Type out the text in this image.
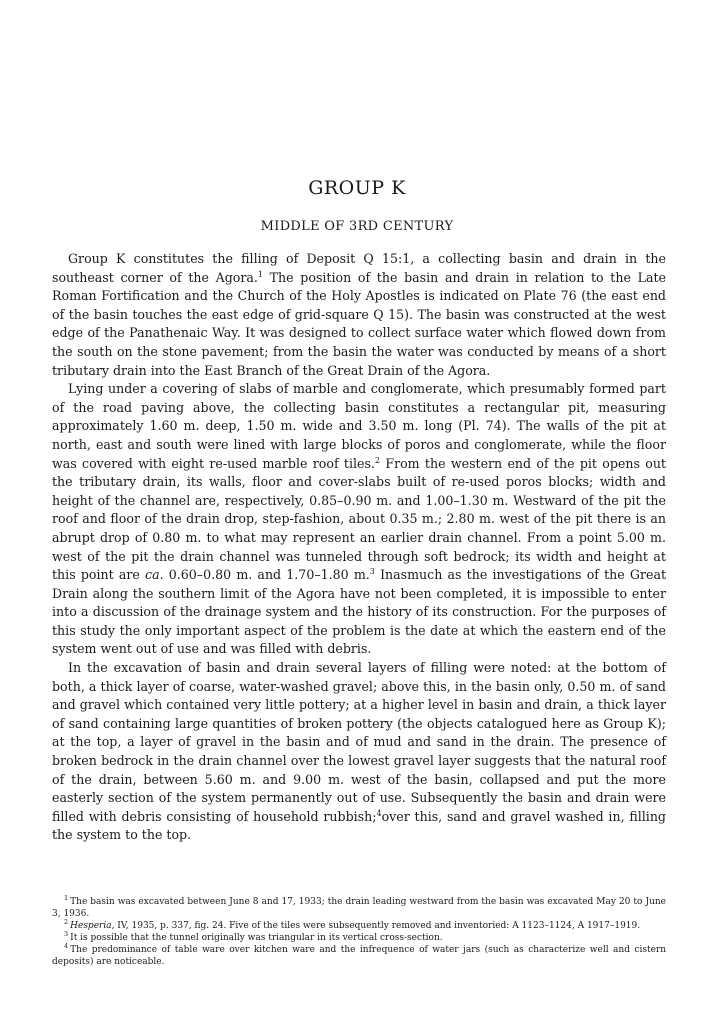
GROUP K
MIDDLE OF 3RD CENTURY

Group K constitutes the filling of Deposit Q 15:1, a collecting basin and drain in the southeast corner of the Agora.$^1$ The position of the basin and drain in relation to the Late Roman Fortification and the Church of the Holy Apostles is indicated on Plate 76 (the east end of the basin touches the east edge of grid-square Q 15). The basin was constructed at the west edge of the Panathenaic Way. It was designed to collect surface water which flowed down from the south on the stone pavement; from the basin the water was conducted by means of a short tributary drain into the East Branch of the Great Drain of the Agora.

Lying under a covering of slabs of marble and conglomerate, which presumably formed part of the road paving above, the collecting basin constitutes a rectangular pit, measuring approximately 1.60 m. deep, 1.50 m. wide and 3.50 m. long (Pl. 74). The walls of the pit at north, east and south were lined with large blocks of poros and conglomerate, while the floor was covered with eight re-used marble roof tiles.$^2$ From the western end of the pit opens out the tributary drain, its walls, floor and cover-slabs built of re-used poros blocks; width and height of the channel are, respectively, 0.85–0.90 m. and 1.00–1.30 m. Westward of the pit the roof and floor of the drain drop, step-fashion, about 0.35 m.; 2.80 m. west of the pit there is an abrupt drop of 0.80 m. to what may represent an earlier drain channel. From a point 5.00 m. west of the pit the drain channel was tunneled through soft bedrock; its width and height at this point are ca. 0.60–0.80 m. and 1.70–1.80 m.$^3$ Inasmuch as the investigations of the Great Drain along the southern limit of the Agora have not been completed, it is impossible to enter into a discussion of the drainage system and the history of its construction. For the purposes of this study the only important aspect of the problem is the date at which the eastern end of the system went out of use and was filled with debris.

In the excavation of basin and drain several layers of filling were noted: at the bottom of both, a thick layer of coarse, water-washed gravel; above this, in the basin only, 0.50 m. of sand and gravel which contained very little pottery; at a higher level in basin and drain, a thick layer of sand containing large quantities of broken pottery (the objects catalogued here as Group K); at the top, a layer of gravel in the basin and of mud and sand in the drain. The presence of broken bedrock in the drain channel over the lowest gravel layer suggests that the natural roof of the drain, between 5.60 m. and 9.00 m. west of the basin, collapsed and put the more easterly section of the system permanently out of use. Subsequently the basin and drain were filled with debris consisting of household rubbish;$^4$over this, sand and gravel washed in, filling the system to the top.

$^1$ The basin was excavated between June 8 and 17, 1933; the drain leading westward from the basin was excavated May 20 to June 3, 1936.

$^2$ Hesperia, IV, 1935, p. 337, fig. 24. Five of the tiles were subsequently removed and inventoried: A 1123–1124, A 1917–1919.

$^3$ It is possible that the tunnel originally was triangular in its vertical cross-section.

$^4$ The predominance of table ware over kitchen ware and the infrequence of water jars (such as characterize well and cistern deposits) are noticeable.
